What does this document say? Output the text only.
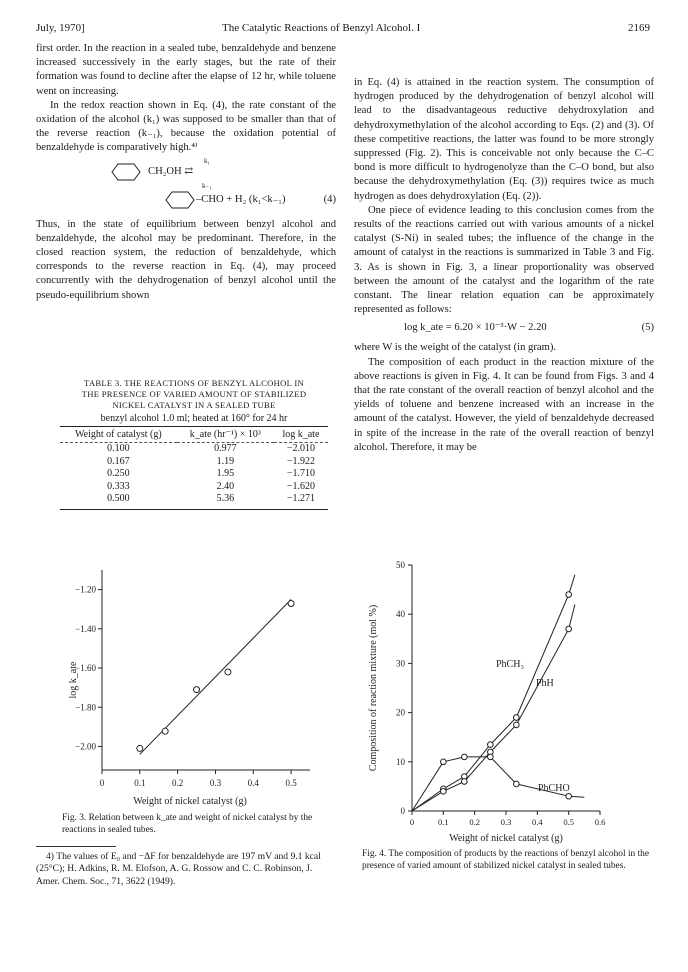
July, 1970]	The Catalytic Reactions of Benzyl Alcohol. I	2169

first order. In the reaction in a sealed tube, benzaldehyde and benzene increased successively in the early stages, but the rate of their formation was found to decline after the elapse of 12 hr, while toluene went on increasing.

In the redox reaction shown in Eq. (4), the rate constant of the oxidation of the alcohol (k₁) was supposed to be smaller than that of the reverse reaction (k₋₁), because the oxidation potential of benzaldehyde is comparatively high.⁴⁾

CH₂OH ⇄
k₁
k₋₁
–CHO + H₂ (k₁<k₋₁)	(4)

Thus, in the state of equilibrium between benzyl alcohol and benzaldehyde, the alcohol may be predominant. Therefore, in the closed reaction system, the reduction of benzaldehyde, which corresponds to the reverse reaction in Eq. (4), may proceed concurrently with the dehydrogenation of benzyl alcohol until the pseudo-equilibrium shown

TABLE 3. THE REACTIONS OF BENZYL ALCOHOL IN
THE PRESENCE OF VARIED AMOUNT OF STABILIZED
NICKEL CATALYST IN A SEALED TUBE
benzyl alcohol 1.0 ml; heated at 160° for 24 hr
Weight of catalyst (g)	k_ate (hr⁻¹) × 10³	log k_ate
0.100	0.977	−2.010
0.167	1.19	−1.922
0.250	1.95	−1.710
0.333	2.40	−1.620
0.500	5.36	−1.271

in Eq. (4) is attained in the reaction system. The consumption of hydrogen produced by the dehydrogenation of benzyl alcohol will lead to the disadvantageous reductive dehydroxylation and dehydroxymethylation of the alcohol according to Eqs. (2) and (3). Of these competitive reactions, the latter was found to be more strongly suppressed (Fig. 2). This is conceivable not only because the C–C bond is more difficult to hydrogenolyze than the C–O bond, but also because the dehydroxymethylation (Eq. (3)) requires twice as much hydrogen as does dehydroxylation (Eq. (2)).

One piece of evidence leading to this conclusion comes from the results of the reactions carried out with various amounts of a nickel catalyst (S-Ni) in sealed tubes; the influence of the change in the amount of catalyst in the reactions is summarized in Table 3 and Fig. 3. As is shown in Fig. 3, a linear proportionality was observed between the amount of the catalyst and the logarithm of the rate constant. The linear relation equation can be approximately represented as follows:

log k_ate = 6.20 × 10⁻³·W − 2.20	(5)

where W is the weight of the catalyst (in gram).

The composition of each product in the reaction mixture of the above reactions is given in Fig. 4. It can be found from Figs. 3 and 4 that the rate constant of the overall reaction of benzyl alcohol and the yields of toluene and benzene increased with an increase in the amount of the catalyst. However, the yield of benzaldehyde decreased in spite of the increase in the rate of the overall reaction of benzyl alcohol. Therefore, it may be

0	0.1	0.2	0.3	0.4	0.5
−1.20
−1.40
−1.60
−1.80
−2.00
Weight of nickel catalyst (g)
log k_ate
Fig. 3. Relation between k_ate and weight of nickel catalyst by the reactions in sealed tubes.
0	0.1 0.2 0.3 0.4 0.5 0.6
0
10
20
30
40
50
PhCH₃
PhH
PhCHO
Weight of nickel catalyst (g)
Composition of reaction mixture (mol %)
Fig. 4. The composition of products by the reactions of benzyl alcohol in the presence of varied amount of stabilized nickel catalyst in sealed tubes.
4) The values of E₀ and −ΔF for benzaldehyde are 197 mV and 9.1 kcal (25°C); H. Adkins, R. M. Elofson, A. G. Rossow and C. C. Robinson, J. Amer. Chem. Soc., 71, 3622 (1949).
